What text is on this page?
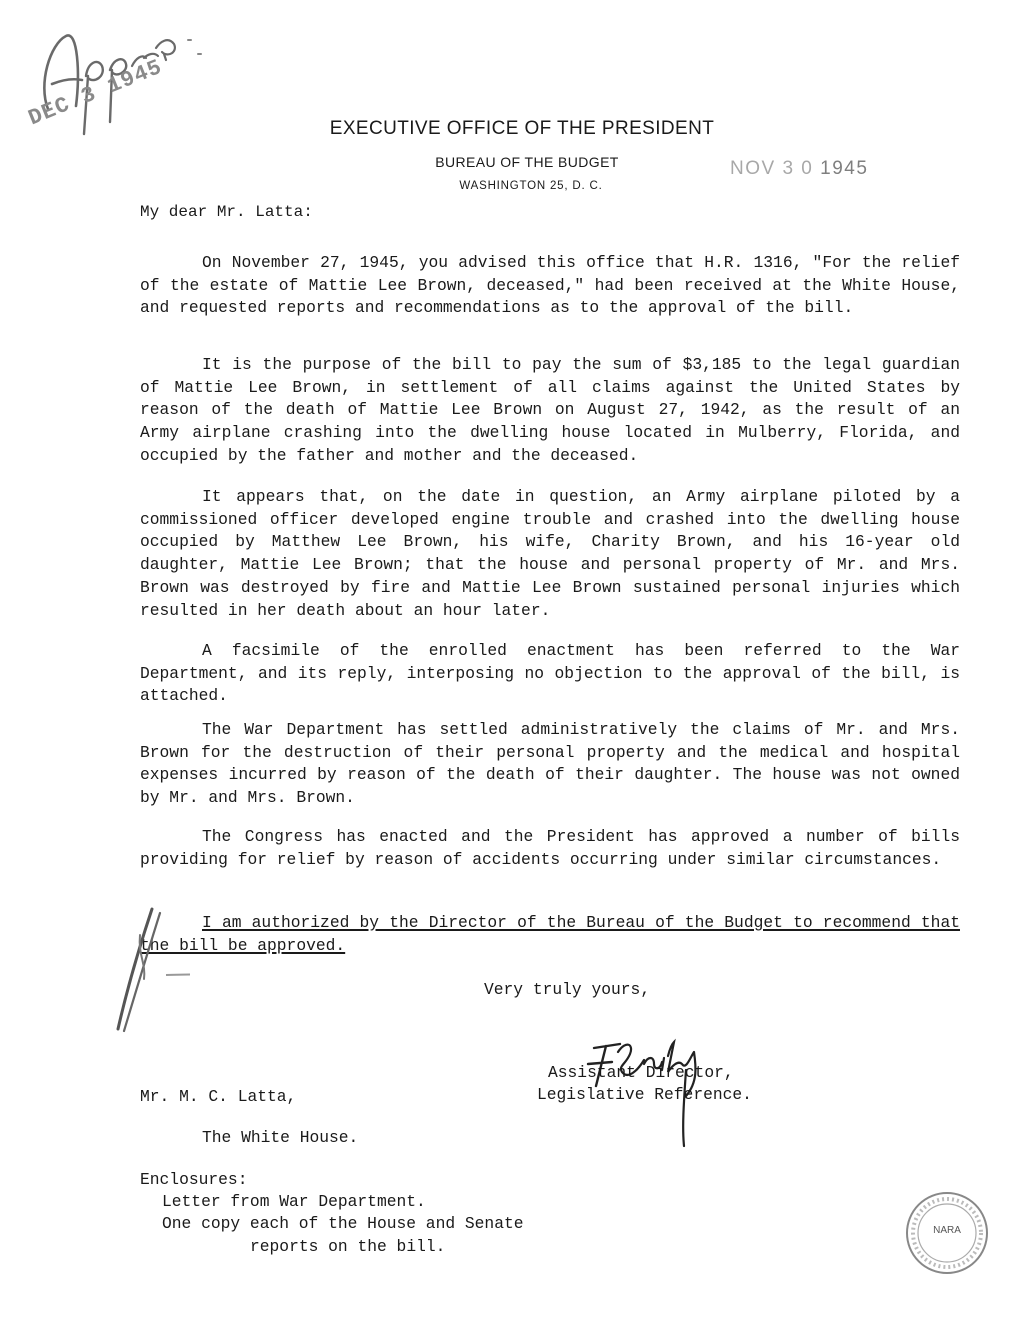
DEC 3 1945	EXECUTIVE OFFICE OF THE PRESIDENT
BUREAU OF THE BUDGET
WASHINGTON 25, D. C.
NOV 3 0 1945
My dear Mr. Latta:

On November 27, 1945, you advised this office that H.R. 1316, "For the relief of the estate of Mattie Lee Brown, deceased," had been received at the White House, and requested reports and recommendations as to the approval of the bill.

It is the purpose of the bill to pay the sum of $3,185 to the legal guardian of Mattie Lee Brown, in settlement of all claims against the United States by reason of the death of Mattie Lee Brown on August 27, 1942, as the result of an Army airplane crashing into the dwelling house located in Mulberry, Florida, and occupied by the father and mother and the deceased.

It appears that, on the date in question, an Army airplane piloted by a commissioned officer developed engine trouble and crashed into the dwelling house occupied by Matthew Lee Brown, his wife, Charity Brown, and his 16-year old daughter, Mattie Lee Brown; that the house and personal property of Mr. and Mrs. Brown was destroyed by fire and Mattie Lee Brown sustained personal injuries which resulted in her death about an hour later.

A facsimile of the enrolled enactment has been referred to the War Department, and its reply, interposing no objection to the approval of the bill, is attached.

The War Department has settled administratively the claims of Mr. and Mrs. Brown for the destruction of their personal property and the medical and hospital expenses incurred by reason of the death of their daughter. The house was not owned by Mr. and Mrs. Brown.

The Congress has enacted and the President has approved a number of bills providing for relief by reason of accidents occurring under similar circumstances.

I am authorized by the Director of the Bureau of the Budget to recommend that the bill be approved.

Very truly yours,
Assistant Director,
Legislative Reference.
Mr. M. C. Latta,
The White House.
Enclosures:
Letter from War Department.
One copy each of the House and Senate
reports on the bill.
NARA
